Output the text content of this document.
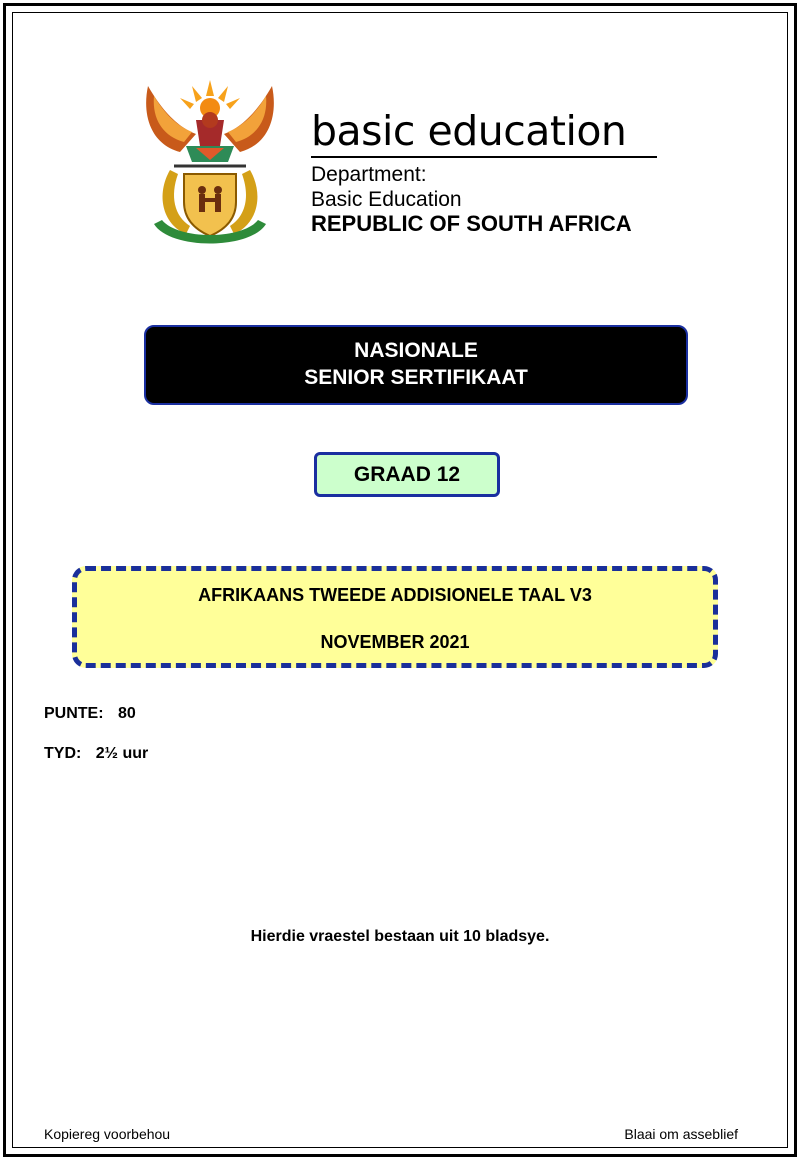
basic education
Department:
Basic Education
REPUBLIC OF SOUTH AFRICA
NASIONALE
SENIOR SERTIFIKAAT
GRAAD 12
AFRIKAANS TWEEDE ADDISIONELE TAAL V3
NOVEMBER 2021
PUNTE: 80
TYD: 2½ uur
Hierdie vraestel bestaan uit 10 bladsye.
Kopiereg voorbehou	Blaai om asseblief
